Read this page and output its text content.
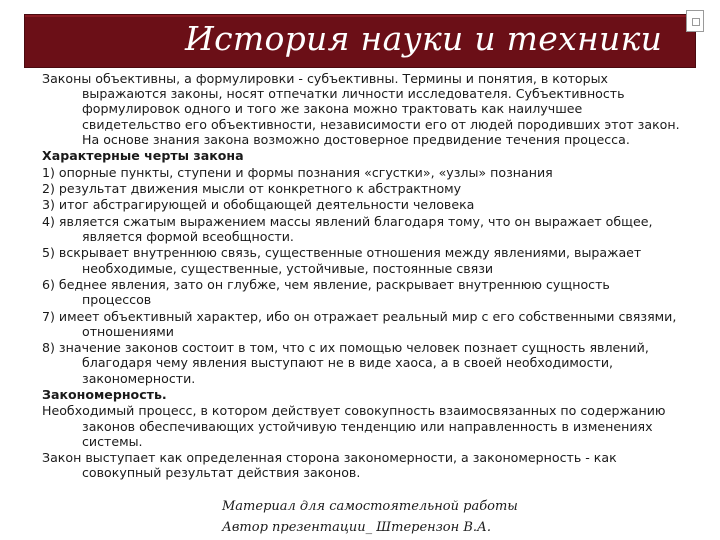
История науки и техники

Законы объективны, а формулировки - субъективны. Термины и понятия, в которых выражаются законы, носят отпечатки личности исследователя. Субъективность формулировок одного и того же закона можно трактовать как наилучшее свидетельство его объективности, независимости его от людей породивших этот закон. На основе знания закона возможно достоверное предвидение течения процесса.

Характерные черты закона

1) опорные пункты, ступени и формы познания «сгустки», «узлы» познания

2) результат движения мысли от конкретного к абстрактному

3) итог абстрагирующей и обобщающей деятельности человека

4) является сжатым выражением массы явлений благодаря тому, что он выражает общее, является формой всеобщности.

5) вскрывает внутреннюю связь, существенные отношения между явлениями, выражает необходимые, существенные, устойчивые, постоянные связи

6) беднее явления, зато он глубже, чем явление, раскрывает внутреннюю сущность процессов

7) имеет объективный характер, ибо он отражает реальный мир с его собственными связями, отношениями

8) значение законов состоит в том, что с их помощью человек познает сущность явлений, благодаря чему явления выступают не в виде хаоса, а в своей необходимости, закономерности.

Закономерность.

Необходимый процесс, в котором действует совокупность взаимосвязанных по содержанию законов обеспечивающих устойчивую тенденцию или направленность в изменениях системы.

Закон выступает как определенная сторона закономерности, а закономерность - как совокупный результат действия законов.

Материал для самостоятельной работы
Автор презентации_ Штерензон В.А.
